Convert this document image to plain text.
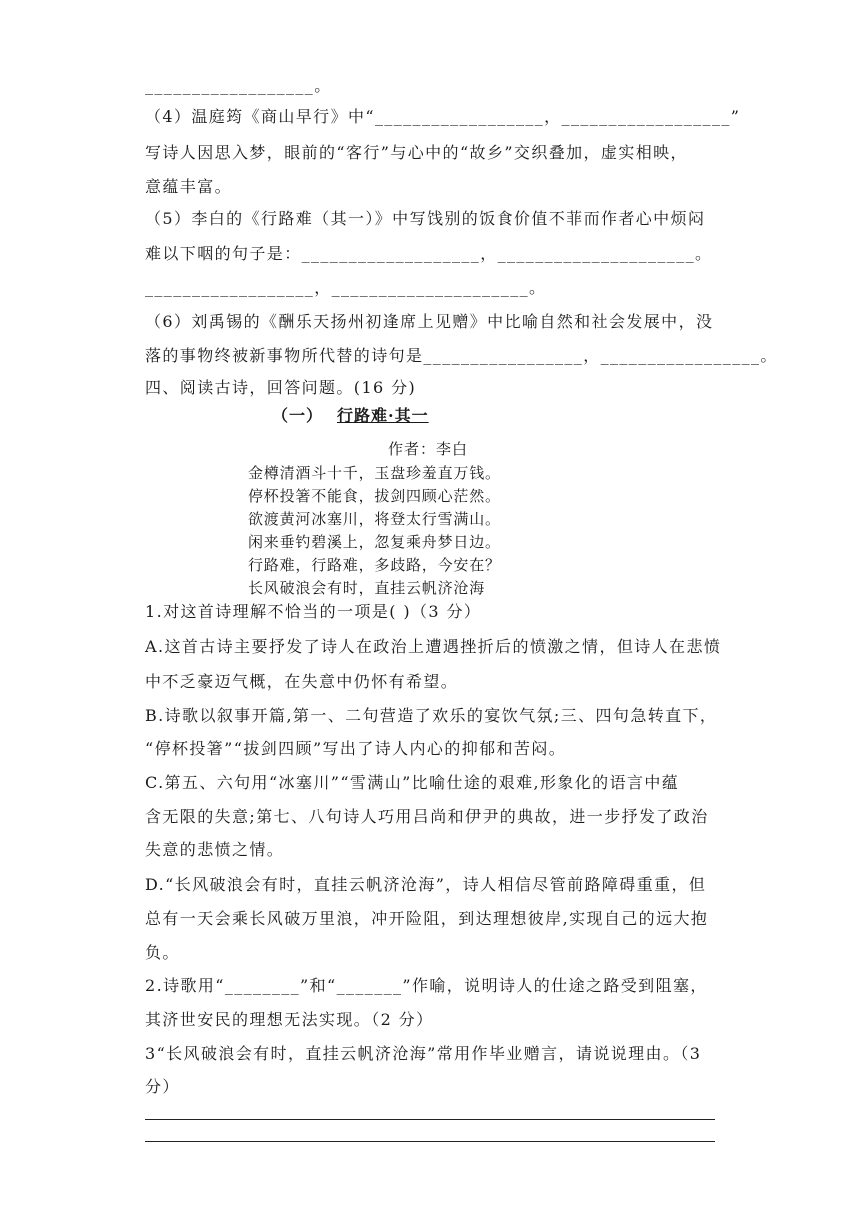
__________________。
（4）温庭筠《商山早行》中“__________________，__________________”
写诗人因思入梦，眼前的“客行”与心中的“故乡”交织叠加，虚实相映，
意蕴丰富。
（5）李白的《行路难（其一）》中写饯别的饭食价值不菲而作者心中烦闷
难以下咽的句子是：___________________，_____________________。
__________________，_____________________。
（6）刘禹锡的《酬乐天扬州初逢席上见赠》中比喻自然和社会发展中，没
落的事物终被新事物所代替的诗句是_________________，_________________。
四、阅读古诗，回答问题。(16 分)
（一） 行路难·其一
作者：李白
金樽清酒斗十千，玉盘珍羞直万钱。
停杯投箸不能食，拔剑四顾心茫然。
欲渡黄河冰塞川，将登太行雪满山。
闲来垂钓碧溪上，忽复乘舟梦日边。
行路难，行路难，多歧路，今安在？
长风破浪会有时，直挂云帆济沧海
1.对这首诗理解不恰当的一项是( )（3 分）
A.这首古诗主要抒发了诗人在政治上遭遇挫折后的愤激之情，但诗人在悲愤
中不乏豪迈气概，在失意中仍怀有希望。
B.诗歌以叙事开篇,第一、二句营造了欢乐的宴饮气氛;三、四句急转直下，
“停杯投箸”“拔剑四顾”写出了诗人内心的抑郁和苦闷。
C.第五、六句用“冰塞川”“雪满山”比喻仕途的艰难,形象化的语言中蕴
含无限的失意;第七、八句诗人巧用吕尚和伊尹的典故，进一步抒发了政治
失意的悲愤之情。
D.“长风破浪会有时，直挂云帆济沧海”，诗人相信尽管前路障碍重重，但
总有一天会乘长风破万里浪，冲开险阻，到达理想彼岸,实现自己的远大抱
负。
2.诗歌用“________”和“_______”作喻，说明诗人的仕途之路受到阻塞，
其济世安民的理想无法实现。（2 分）
3“长风破浪会有时，直挂云帆济沧海”常用作毕业赠言，请说说理由。（3
分）
